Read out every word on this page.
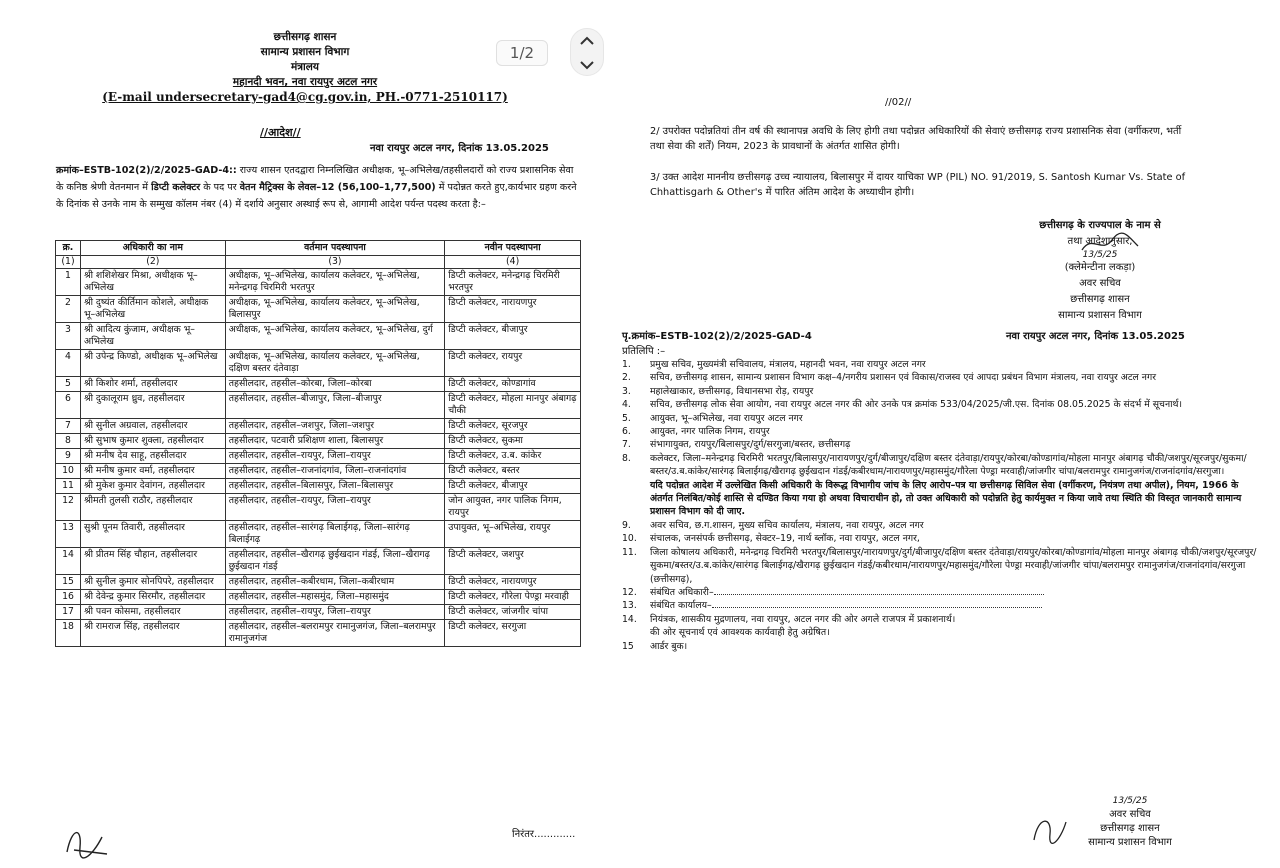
छत्तीसगढ़ शासन
सामान्य प्रशासन विभाग
मंत्रालय
महानदी भवन, नवा रायपुर अटल नगर
(E-mail undersecretary-gad4@cg.gov.in, PH.-0771-2510117)
1/2
//आदेश//
नवा रायपुर अटल नगर, दिनांक 13.05.2025
क्रमांक–ESTB-102(2)/2/2025-GAD-4:: राज्य शासन एतदद्वारा निम्नलिखित अधीक्षक, भू–अभिलेख/तहसीलदारों को राज्य प्रशासनिक सेवा के कनिष्ठ श्रेणी वेतनमान में डिप्टी कलेक्टर के पद पर वेतन मैट्रिक्स के लेवल–12 (56,100–1,77,500) में पदोन्नत करते हुए,कार्यभार ग्रहण करने के दिनांक से उनके नाम के सम्मुख कॉलम नंबर (4) में दर्शाये अनुसार अस्थाई रूप से, आगामी आदेश पर्यन्त पदस्थ करता है:–
क्र.	अधिकारी का नाम	वर्तमान पदस्थापना	नवीन पदस्थापना
(1)	(2)	(3)	(4)
1	श्री शशिशेखर मिश्रा, अधीक्षक भू–अभिलेख	अधीक्षक, भू–अभिलेख, कार्यालय कलेक्टर, भू–अभिलेख, मनेन्द्रगढ़ चिरमिरी भरतपुर	डिप्टी कलेक्टर, मनेन्द्रगढ़ चिरमिरी भरतपुर
2	श्री दुष्यंत कीर्तिमान कोशले, अधीक्षक भू–अभिलेख	अधीक्षक, भू–अभिलेख, कार्यालय कलेक्टर, भू–अभिलेख, बिलासपुर	डिप्टी कलेक्टर, नारायणपुर
3	श्री आदित्य कुंजाम, अधीक्षक भू–अभिलेख	अधीक्षक, भू–अभिलेख, कार्यालय कलेक्टर, भू–अभिलेख, दुर्ग	डिप्टी कलेक्टर, बीजापुर
4	श्री उपेन्द्र किण्डो, अधीक्षक भू–अभिलेख	अधीक्षक, भू–अभिलेख, कार्यालय कलेक्टर, भू–अभिलेख, दक्षिण बस्तर दंतेवाड़ा	डिप्टी कलेक्टर, रायपुर
5	श्री किशोर शर्मा, तहसीलदार	तहसीलदार, तहसील–कोरबा, जिला–कोरबा	डिप्टी कलेक्टर, कोण्डागांव
6	श्री दुकालूराम ध्रुव, तहसीलदार	तहसीलदार, तहसील–बीजापुर, जिला–बीजापुर	डिप्टी कलेक्टर, मोहला मानपुर अंबागढ़ चौकी
7	श्री सुनील अग्रवाल, तहसीलदार	तहसीलदार, तहसील–जशपुर, जिला–जशपुर	डिप्टी कलेक्टर, सूरजपुर
8	श्री सुभाष कुमार शुक्ला, तहसीलदार	तहसीलदार, पटवारी प्रशिक्षण शाला, बिलासपुर	डिप्टी कलेक्टर, सुकमा
9	श्री मनीष देव साहू, तहसीलदार	तहसीलदार, तहसील–रायपुर, जिला–रायपुर	डिप्टी कलेक्टर, उ.ब. कांकेर
10	श्री मनीष कुमार वर्मा, तहसीलदार	तहसीलदार, तहसील–राजनांदगांव, जिला–राजनांदगांव	डिप्टी कलेक्टर, बस्तर
11	श्री मुकेश कुमार देवांगन, तहसीलदार	तहसीलदार, तहसील–बिलासपुर, जिला–बिलासपुर	डिप्टी कलेक्टर, बीजापुर
12	श्रीमती तुलसी राठौर, तहसीलदार	तहसीलदार, तहसील–रायपुर, जिला–रायपुर	जोन आयुक्त, नगर पालिक निगम, रायपुर
13	सुश्री पूनम तिवारी, तहसीलदार	तहसीलदार, तहसील–सारंगढ़ बिलाईगढ़, जिला–सारंगढ़ बिलाईगढ़	उपायुक्त, भू–अभिलेख, रायपुर
14	श्री प्रीतम सिंह चौहान, तहसीलदार	तहसीलदार, तहसील–खैरागढ़ छुईखदान गंडई, जिला–खैरागढ़ छुईखदान गंडई	डिप्टी कलेक्टर, जशपुर
15	श्री सुनील कुमार सोनपिपरे, तहसीलदार	तहसीलदार, तहसील–कबीरधाम, जिला–कबीरधाम	डिप्टी कलेक्टर, नारायणपुर
16	श्री देवेन्द्र कुमार सिरमौर, तहसीलदार	तहसीलदार, तहसील–महासमुंद, जिला–महासमुंद	डिप्टी कलेक्टर, गौरेला पेण्ड्रा मरवाही
17	श्री पवन कोसमा, तहसीलदार	तहसीलदार, तहसील–रायपुर, जिला–रायपुर	डिप्टी कलेक्टर, जांजगीर चांपा
18	श्री रामराज सिंह, तहसीलदार	तहसीलदार, तहसील–बलरामपुर रामानुजगंज, जिला–बलरामपुर रामानुजगंज	डिप्टी कलेक्टर, सरगुजा
निरंतर.............
//02//
2/ उपरोक्त पदोन्नतियां तीन वर्ष की स्थानापन्न अवधि के लिए होगी तथा पदोन्नत अधिकारियों की सेवाएं छत्तीसगढ़ राज्य प्रशासनिक सेवा (वर्गीकरण, भर्ती तथा सेवा की शर्तें) नियम, 2023 के प्रावधानों के अंतर्गत शासित होगी।
3/ उक्त आदेश माननीय छत्तीसगढ़ उच्च न्यायालय, बिलासपुर में दायर याचिका WP (PIL) NO. 91/2019, S. Santosh Kumar Vs. State of Chhattisgarh & Other's में पारित अंतिम आदेश के अध्याधीन होगी।
छत्तीसगढ़ के राज्यपाल के नाम से
तथा आदेशानुसार,
13/5/25
(क्लेमेन्टीना लकड़ा)
अवर सचिव
छत्तीसगढ़ शासन
सामान्य प्रशासन विभाग
पृ.क्रमांक–ESTB-102(2)/2/2025-GAD-4	नवा रायपुर अटल नगर, दिनांक 13.05.2025
प्रतिलिपि :–
1.	प्रमुख सचिव, मुख्यमंत्री सचिवालय, मंत्रालय, महानदी भवन, नवा रायपुर अटल नगर
2.	सचिव, छत्तीसगढ़ शासन, सामान्य प्रशासन विभाग कक्ष–4/नगरीय प्रशासन एवं विकास/राजस्व एवं आपदा प्रबंधन विभाग मंत्रालय, नवा रायपुर अटल नगर
3.	महालेखाकार, छत्तीसगढ़, विधानसभा रोड़, रायपुर
4.	सचिव, छत्तीसगढ़ लोक सेवा आयोग, नवा रायपुर अटल नगर की ओर उनके पत्र क्रमांक 533/04/2025/जी.एस. दिनांक 08.05.2025 के संदर्भ में सूचनार्थ।
5.	आयुक्त, भू–अभिलेख, नवा रायपुर अटल नगर
6.	आयुक्त, नगर पालिक निगम, रायपुर
7.	संभागायुक्त, रायपुर/बिलासपुर/दुर्ग/सरगुजा/बस्तर, छत्तीसगढ़
8.	कलेक्टर, जिला–मनेन्द्रगढ़ चिरमिरी भरतपुर/बिलासपुर/नारायणपुर/दुर्ग/बीजापुर/दक्षिण बस्तर दंतेवाड़ा/रायपुर/कोरबा/कोण्डागांव/मोहला मानपुर अंबागढ़ चौकी/जशपुर/सूरजपुर/सुकमा/बस्तर/उ.ब.कांकेर/सारंगढ़ बिलाईगढ़/खैरागढ़ छुईखदान गंडई/कबीरधाम/नारायणपुर/महासमुंद/गौरेला पेण्ड्रा मरवाही/जांजगीर चांपा/बलरामपुर रामानुजगंज/राजनांदगांव/सरगुजा।
यदि पदोन्नत आदेश में उल्लेखित किसी अधिकारी के विरूद्ध विभागीय जांच के लिए आरोप–पत्र या छत्तीसगढ़ सिविल सेवा (वर्गीकरण, नियंत्रण तथा अपील), नियम, 1966 के अंतर्गत निलंबित/कोई शास्ति से दण्डित किया गया हो अथवा विचाराधीन हो, तो उक्त अधिकारी को पदोन्नति हेतु कार्यमुक्त न किया जावे तथा स्थिति की विस्तृत जानकारी सामान्य प्रशासन विभाग को दी जाए.
9.	अवर सचिव, छ.ग.शासन, मुख्य सचिव कार्यालय, मंत्रालय, नवा रायपुर, अटल नगर
10.	संचालक, जनसंपर्क छत्तीसगढ़, सेक्टर–19, नार्थ ब्लॉक, नवा रायपुर, अटल नगर,
11.	जिला कोषालय अधिकारी, मनेन्द्रगढ़ चिरमिरी भरतपुर/बिलासपुर/नारायणपुर/दुर्ग/बीजापुर/दक्षिण बस्तर दंतेवाड़ा/रायपुर/कोरबा/कोण्डागांव/मोहला मानपुर अंबागढ़ चौकी/जशपुर/सूरजपुर/सुकमा/बस्तर/उ.ब.कांकेर/सारंगढ़ बिलाईगढ़/खैरागढ़ छुईखदान गंडई/कबीरधाम/नारायणपुर/महासमुंद/गौरेला पेण्ड्रा मरवाही/जांजगीर चांपा/बलरामपुर रामानुजगंज/राजनांदगांव/सरगुजा (छत्तीसगढ़),
12.	संबंधित अधिकारी–
13.	संबंधित कार्यालय–
14.	नियंत्रक, शासकीय मुद्रणालय, नवा रायपुर, अटल नगर की ओर अगले राजपत्र में प्रकाशनार्थ।
की ओर सूचनार्थ एवं आवश्यक कार्यवाही हेतु अग्रेषित।
15	आर्डर बुक।
13/5/25
अवर सचिव
छत्तीसगढ़ शासन
सामान्य प्रशासन विभाग
